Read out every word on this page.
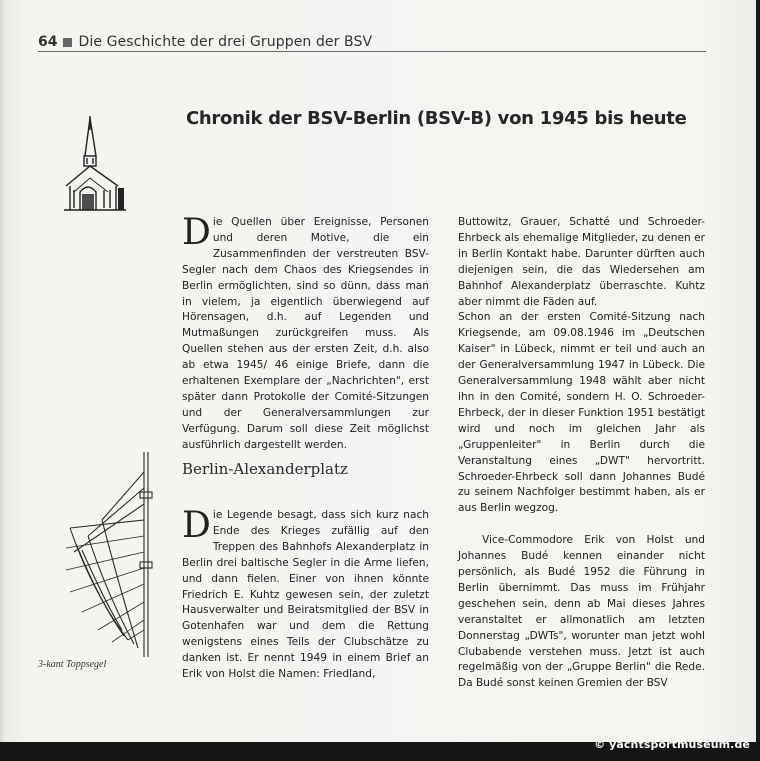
64 Die Geschichte der drei Gruppen der BSV
Chronik der BSV-Berlin (BSV-B) von 1945 bis heute
D ie Quellen über Ereignisse, Personen und deren Motive, die ein Zusammenfinden der verstreuten BSV-Segler nach dem Chaos des Kriegsendes in Berlin ermöglichten, sind so dünn, dass man in vielem, ja eigentlich überwiegend auf Hörensagen, d.h. auf Legenden und Mutmaßungen zurückgreifen muss. Als Quellen stehen aus der ersten Zeit, d.h. also ab etwa 1945/ 46 einige Briefe, dann die erhaltenen Exemplare der „Nachrichten", erst später dann Protokolle der Comité-Sitzungen und der Generalversammlungen zur Verfügung. Darum soll diese Zeit möglichst ausführlich dargestellt werden.

Berlin-Alexanderplatz
D ie Legende besagt, dass sich kurz nach Ende des Krieges zufällig auf den Treppen des Bahnhofs Alexanderplatz in Berlin drei baltische Segler in die Arme liefen, und dann fielen. Einer von ihnen könnte Friedrich E. Kuhtz gewesen sein, der zuletzt Hausverwalter und Beiratsmitglied der BSV in Gotenhafen war und dem die Rettung wenigstens eines Teils der Clubschätze zu danken ist. Er nennt 1949 in einem Brief an Erik von Holst die Namen: Friedland,

Buttowitz, Grauer, Schatté und Schroeder-Ehrbeck als ehemalige Mitglieder, zu denen er in Berlin Kontakt habe. Darunter dürften auch diejenigen sein, die das Wiedersehen am Bahnhof Alexanderplatz überraschte. Kuhtz aber nimmt die Fäden auf.

Schon an der ersten Comité-Sitzung nach Kriegsende, am 09.08.1946 im „Deutschen Kaiser" in Lübeck, nimmt er teil und auch an der Generalversammlung 1947 in Lübeck. Die Generalversammlung 1948 wählt aber nicht ihn in den Comité, sondern H. O. Schroeder-Ehrbeck, der in dieser Funktion 1951 bestätigt wird und noch im gleichen Jahr als „Gruppenleiter" in Berlin durch die Veranstaltung eines „DWT" hervortritt. Schroeder-Ehrbeck soll dann Johannes Budé zu seinem Nachfolger bestimmt haben, als er aus Berlin wegzog.

Vice-Commodore Erik von Holst und Johannes Budé kennen einander nicht persönlich, als Budé 1952 die Führung in Berlin übernimmt. Das muss im Frühjahr geschehen sein, denn ab Mai dieses Jahres veranstaltet er allmonatlich am letzten Donnerstag „DWTs", worunter man jetzt wohl Clubabende verstehen muss. Jetzt ist auch regelmäßig von der „Gruppe Berlin" die Rede. Da Budé sonst keinen Gremien der BSV

3-kant Toppsegel
© yachtsportmuseum.de
